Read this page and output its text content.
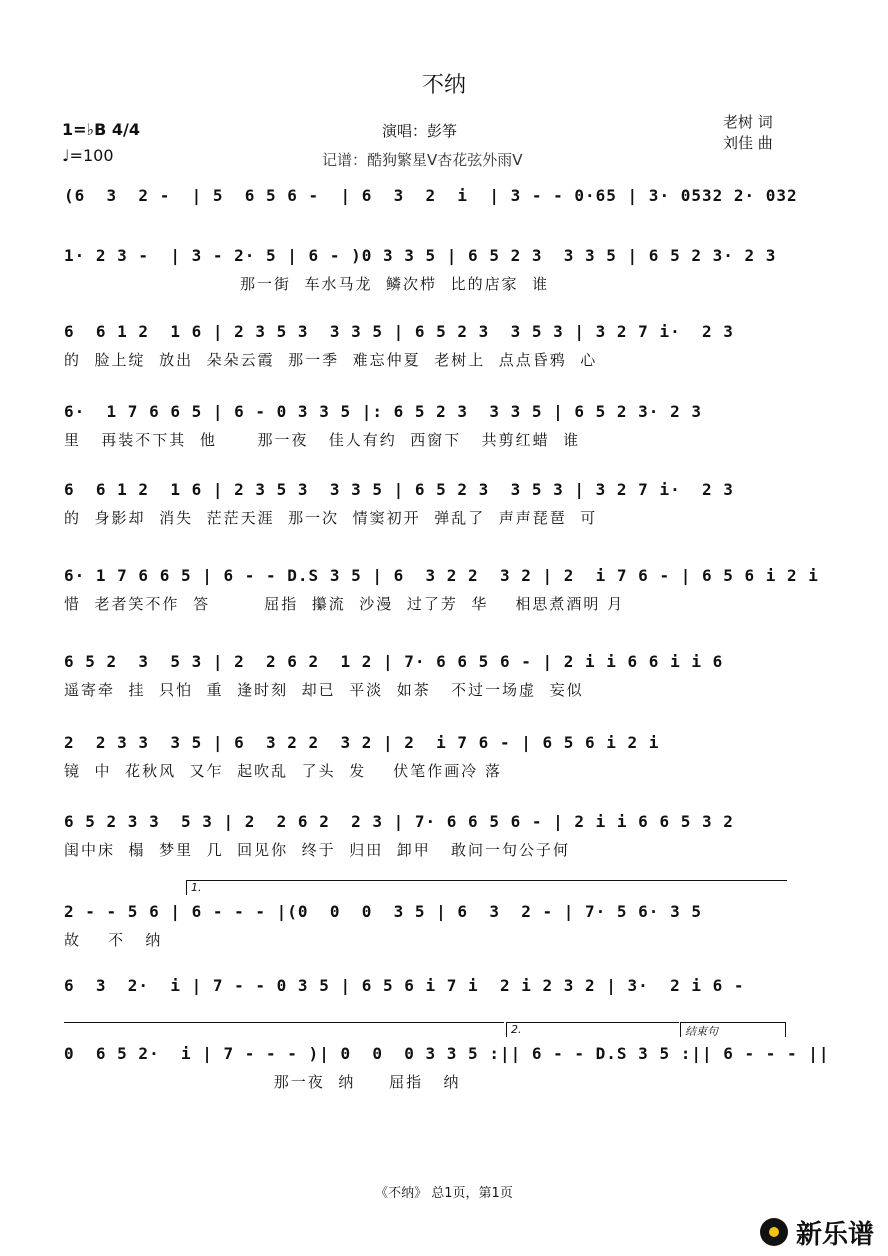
不纳
1=♭B 4/4
♩=100
演唱：彭筝
记谱：酷狗繁星V杏花弦外雨V
老树 词
刘佳 曲
(6  3  2 -  | 5  6 5 6 -  | 6  3  2  i  | 3 - - 0·65 | 3· 0532 2· 032
1· 2 3 -  | 3 - 2· 5 | 6 - )0 3 3 5 | 6 5 2 3  3 3 5 | 6 5 2 3· 2 3
那一街  车水马龙  鳞次栉  比的店家  谁
6  6 1 2  1 6 | 2 3 5 3  3 3 5 | 6 5 2 3  3 5 3 | 3 2 7 i·  2 3
的  脸上绽  放出  朵朵云霞  那一季  难忘仲夏  老树上  点点昏鸦  心
6·  1 7 6 6 5 | 6 - 0 3 3 5 |: 6 5 2 3  3 3 5 | 6 5 2 3· 2 3
里   再装不下其  他      那一夜   佳人有约  西窗下   共剪红蜡  谁
6  6 1 2  1 6 | 2 3 5 3  3 3 5 | 6 5 2 3  3 5 3 | 3 2 7 i·  2 3
的  身影却  消失  茫茫天涯  那一次  情窦初开  弹乱了  声声琵琶  可
6· 1 7 6 6 5 | 6 - - D.S 3 5 | 6  3 2 2  3 2 | 2  i 7 6 - | 6 5 6 i 2 i
惜  老者笑不作  答        屈指  攥流  沙漫  过了芳  华    相思煮酒明 月
6 5 2  3  5 3 | 2  2 6 2  1 2 | 7· 6 6 5 6 - | 2 i i 6 6 i i 6
遥寄牵  挂  只怕  重  逢时刻  却已  平淡  如茶   不过一场虚  妄似
2  2 3 3  3 5 | 6  3 2 2  3 2 | 2  i 7 6 - | 6 5 6 i 2 i
镜  中  花秋风  又乍  起吹乱  了头  发    伏笔作画冷 落
6 5 2 3 3  5 3 | 2  2 6 2  2 3 | 7· 6 6 5 6 - | 2 i i 6 6 5 3 2
闺中床  榻  梦里  几  回见你  终于  归田  卸甲   敢问一句公子何
1.
2 - - 5 6 | 6 - - - |(0  0  0  3 5 | 6  3  2 - | 7· 5 6· 3 5
故    不   纳
6  3  2·  i | 7 - - 0 3 5 | 6 5 6 i 7 i  2 i 2 3 2 | 3·  2 i 6 -
2.	结束句
0  6 5 2·  i | 7 - - - )| 0  0  0 3 3 5 :|| 6 - - D.S 3 5 :|| 6 - - - ||
那一夜  纳     屈指   纳
《不纳》 总1页，第1页
新乐谱
